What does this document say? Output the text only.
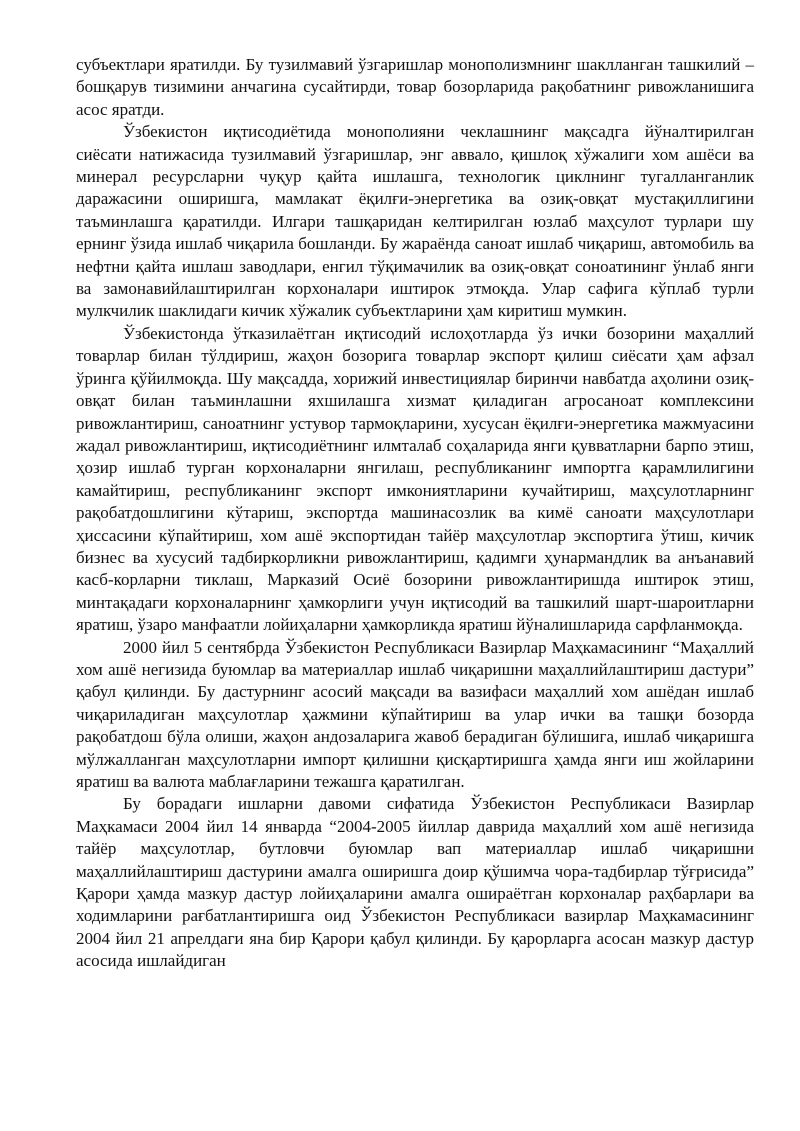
субъектлари яратилди. Бу тузилмавий ўзгаришлар монополизмнинг шаклланган ташкилий – бошқарув тизимини анчагина сусайтирди, товар бозорларида рақобатнинг ривожланишига асос яратди.

Ўзбекистон иқтисодиётида монополияни чеклашнинг мақсадга йўналтирилган сиёсати натижасида тузилмавий ўзгаришлар, энг аввало, қишлоқ хўжалиги хом ашёси ва минерал ресурсларни чуқур қайта ишлашга, технологик циклнинг тугалланганлик даражасини оширишга, мамлакат ёқилғи-энергетика ва озиқ-овқат мустақиллигини таъминлашга қаратилди. Илгари ташқаридан келтирилган юзлаб маҳсулот турлари шу ернинг ўзида ишлаб чиқарила бошланди. Бу жараёнда саноат ишлаб чиқариш, автомобиль ва нефтни қайта ишлаш заводлари, енгил тўқимачилик ва озиқ-овқат соноатининг ўнлаб янги ва замонавийлаштирилган корхоналари иштирок этмоқда. Улар сафига кўплаб турли мулкчилик шаклидаги кичик хўжалик субъектларини ҳам киритиш мумкин.

Ўзбекистонда ўтказилаётган иқтисодий ислоҳотларда ўз ички бозорини маҳаллий товарлар билан тўлдириш, жаҳон бозорига товарлар экспорт қилиш сиёсати ҳам афзал ўринга қўйилмоқда. Шу мақсадда, хорижий инвестициялар биринчи навбатда аҳолини озиқ-овқат билан таъминлашни яхшилашга хизмат қиладиган агросаноат комплексини ривожлантириш, саноатнинг устувор тармоқларини, хусусан ёқилғи-энергетика мажмуасини жадал ривожлантириш, иқтисодиётнинг илмталаб соҳаларида янги қувватларни барпо этиш, ҳозир ишлаб турган корхоналарни янгилаш, республиканинг импортга қарамлилигини камайтириш, республиканинг экспорт имкониятларини кучайтириш, маҳсулотларнинг рақобатдошлигини кўтариш, экспортда машинасозлик ва кимё саноати маҳсулотлари ҳиссасини кўпайтириш, хом ашё экспортидан тайёр маҳсулотлар экспортига ўтиш, кичик бизнес ва хусусий тадбиркорликни ривожлантириш, қадимги ҳунармандлик ва анъанавий касб-корларни тиклаш, Марказий Осиё бозорини ривожлантиришда иштирок этиш, минтақадаги корхоналарнинг ҳамкорлиги учун иқтисодий ва ташкилий шарт-шароитларни яратиш, ўзаро манфаатли лойиҳаларни ҳамкорликда яратиш йўналишларида сарфланмоқда.

2000 йил 5 сентябрда Ўзбекистон Республикаси Вазирлар Маҳкамасининг “Маҳаллий хом ашё негизида буюмлар ва материаллар ишлаб чиқаришни маҳаллийлаштириш дастури” қабул қилинди. Бу дастурнинг асосий мақсади ва вазифаси маҳаллий хом ашёдан ишлаб чиқариладиган маҳсулотлар ҳажмини кўпайтириш ва улар ички ва ташқи бозорда рақобатдош бўла олиши, жаҳон андозаларига жавоб берадиган бўлишига, ишлаб чиқаришга мўлжалланган маҳсулотларни импорт қилишни қисқартиришга ҳамда янги иш жойларини яратиш ва валюта маблағларини тежашга қаратилган.

Бу борадаги ишларни давоми сифатида Ўзбекистон Республикаси Вазирлар Маҳкамаси 2004 йил 14 январда “2004-2005 йиллар даврида маҳаллий хом ашё негизида тайёр маҳсулотлар, бутловчи буюмлар вап материаллар ишлаб чиқаришни маҳаллийлаштириш дастурини амалга оширишга доир қўшимча чора-тадбирлар тўғрисида” Қарори ҳамда мазкур дастур лойиҳаларини амалга ошираётган корхоналар раҳбарлари ва ходимларини рағбатлантиришга оид Ўзбекистон Республикаси вазирлар Маҳкамасининг 2004 йил 21 апрелдаги яна бир Қарори қабул қилинди. Бу қарорларга асосан мазкур дастур асосида ишлайдиган
